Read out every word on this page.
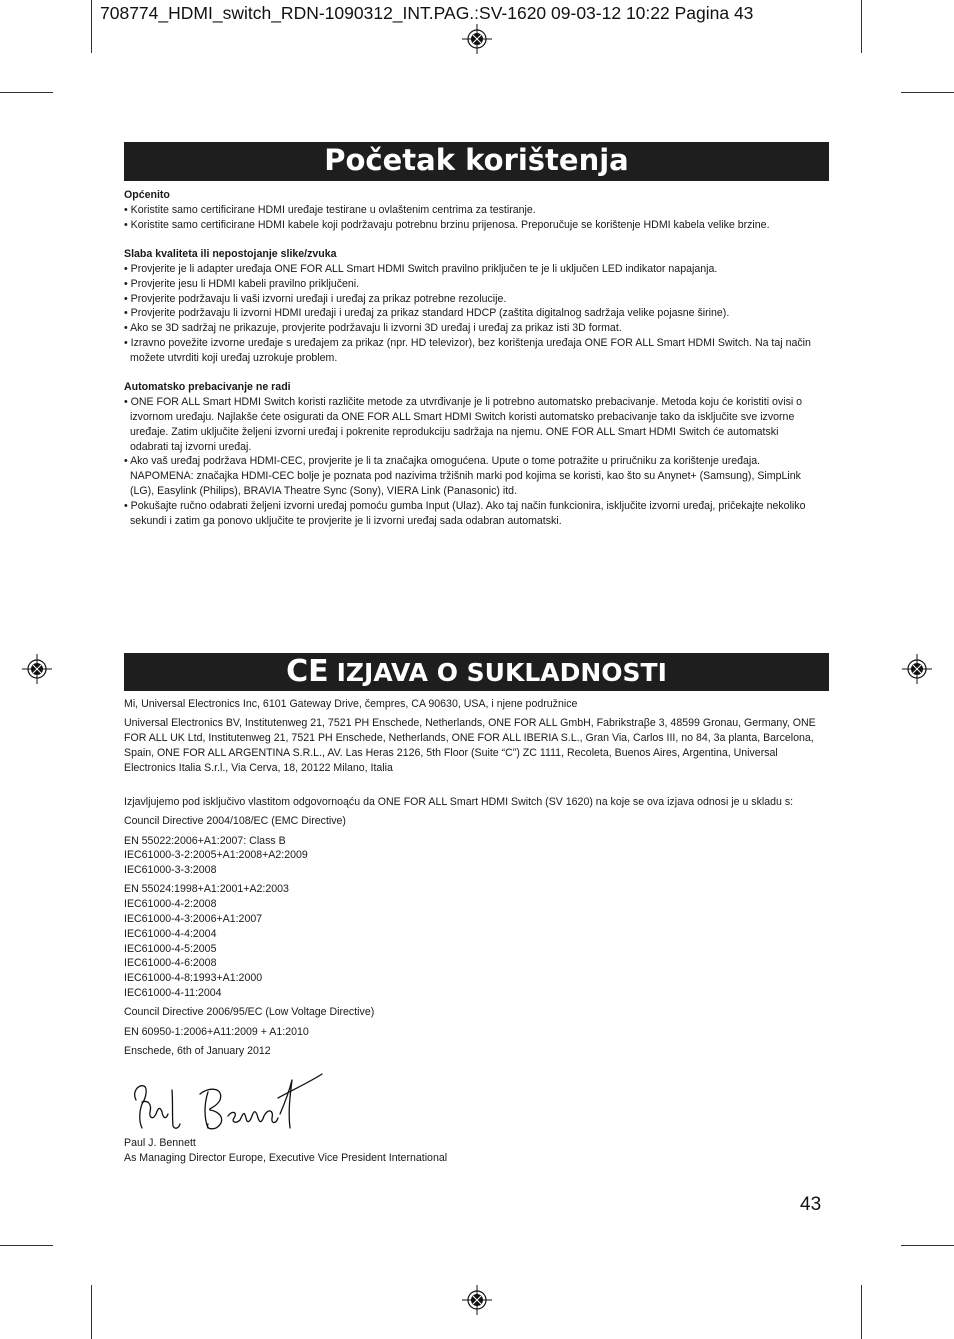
708774_HDMI_switch_RDN-1090312_INT.PAG.:SV-1620 09-03-12 10:22 Pagina 43
Početak korištenja

Općenito

• Koristite samo certificirane HDMI uređaje testirane u ovlaštenim centrima za testiranje.

• Koristite samo certificirane HDMI kabele koji podržavaju potrebnu brzinu prijenosa. Preporučuje se korištenje HDMI kabela velike brzine.

Slaba kvaliteta ili nepostojanje slike/zvuka

• Provjerite je li adapter uređaja ONE FOR ALL Smart HDMI Switch pravilno priključen te je li uključen LED indikator napajanja.

• Provjerite jesu li HDMI kabeli pravilno priključeni.

• Provjerite podržavaju li vaši izvorni uređaji i uređaj za prikaz potrebne rezolucije.

• Provjerite podržavaju li izvorni HDMI uređaji i uređaj za prikaz standard HDCP (zaštita digitalnog sadržaja velike pojasne širine).

• Ako se 3D sadržaj ne prikazuje, provjerite podržavaju li izvorni 3D uređaj i uređaj za prikaz isti 3D format.

• Izravno povežite izvorne uređaje s uređajem za prikaz (npr. HD televizor), bez korištenja uređaja ONE FOR ALL Smart HDMI Switch. Na taj način možete utvrditi koji uređaj uzrokuje problem.

Automatsko prebacivanje ne radi

• ONE FOR ALL Smart HDMI Switch koristi različite metode za utvrđivanje je li potrebno automatsko prebacivanje. Metoda koju će koristiti ovisi o izvornom uređaju. Najlakše ćete osigurati da ONE FOR ALL Smart HDMI Switch koristi automatsko prebacivanje tako da isključite sve izvorne uređaje. Zatim uključite željeni izvorni uređaj i pokrenite reprodukciju sadržaja na njemu. ONE FOR ALL Smart HDMI Switch će automatski odabrati taj izvorni uređaj.

• Ako vaš uređaj podržava HDMI-CEC, provjerite je li ta značajka omogućena. Upute o tome potražite u priručniku za korištenje uređaja. NAPOMENA: značajka HDMI-CEC bolje je poznata pod nazivima tržišnih marki pod kojima se koristi, kao što su Anynet+ (Samsung), SimpLink (LG), Easylink (Philips), BRAVIA Theatre Sync (Sony), VIERA Link (Panasonic) itd.

• Pokušajte ručno odabrati željeni izvorni uređaj pomoću gumba Input (Ulaz). Ako taj način funkcionira, isključite izvorni uređaj, pričekajte nekoliko sekundi i zatim ga ponovo uključite te provjerite je li izvorni uređaj sada odabran automatski.

CE IZJAVA O SUKLADNOSTI

Mi, Universal Electronics Inc, 6101 Gateway Drive, čempres, CA 90630, USA, i njene podružnice

Universal Electronics BV, Institutenweg 21, 7521 PH Enschede, Netherlands, ONE FOR ALL GmbH, Fabrikstraβe 3, 48599 Gronau, Germany, ONE FOR ALL UK Ltd, Institutenweg 21, 7521 PH Enschede, Netherlands, ONE FOR ALL IBERIA S.L., Gran Via, Carlos III, no 84, 3a planta, Barcelona, Spain, ONE FOR ALL ARGENTINA S.R.L., AV. Las Heras 2126, 5th Floor (Suite “C”) ZC 1111, Recoleta, Buenos Aires, Argentina, Universal Electronics Italia S.r.l., Via Cerva, 18, 20122 Milano, Italia

Izjavljujemo pod isključivo vlastitom odgovornoąću da ONE FOR ALL Smart HDMI Switch (SV 1620) na koje se ova izjava odnosi je u skladu s:

Council Directive 2004/108/EC (EMC Directive)

EN 55022:2006+A1:2007: Class B

IEC61000-3-2:2005+A1:2008+A2:2009

IEC61000-3-3:2008

EN 55024:1998+A1:2001+A2:2003

IEC61000-4-2:2008

IEC61000-4-3:2006+A1:2007

IEC61000-4-4:2004

IEC61000-4-5:2005

IEC61000-4-6:2008

IEC61000-4-8:1993+A1:2000

IEC61000-4-11:2004

Council Directive 2006/95/EC (Low Voltage Directive)

EN 60950-1:2006+A11:2009 + A1:2010

Enschede, 6th of January 2012

Paul J. Bennett
As Managing Director Europe, Executive Vice President International
43
